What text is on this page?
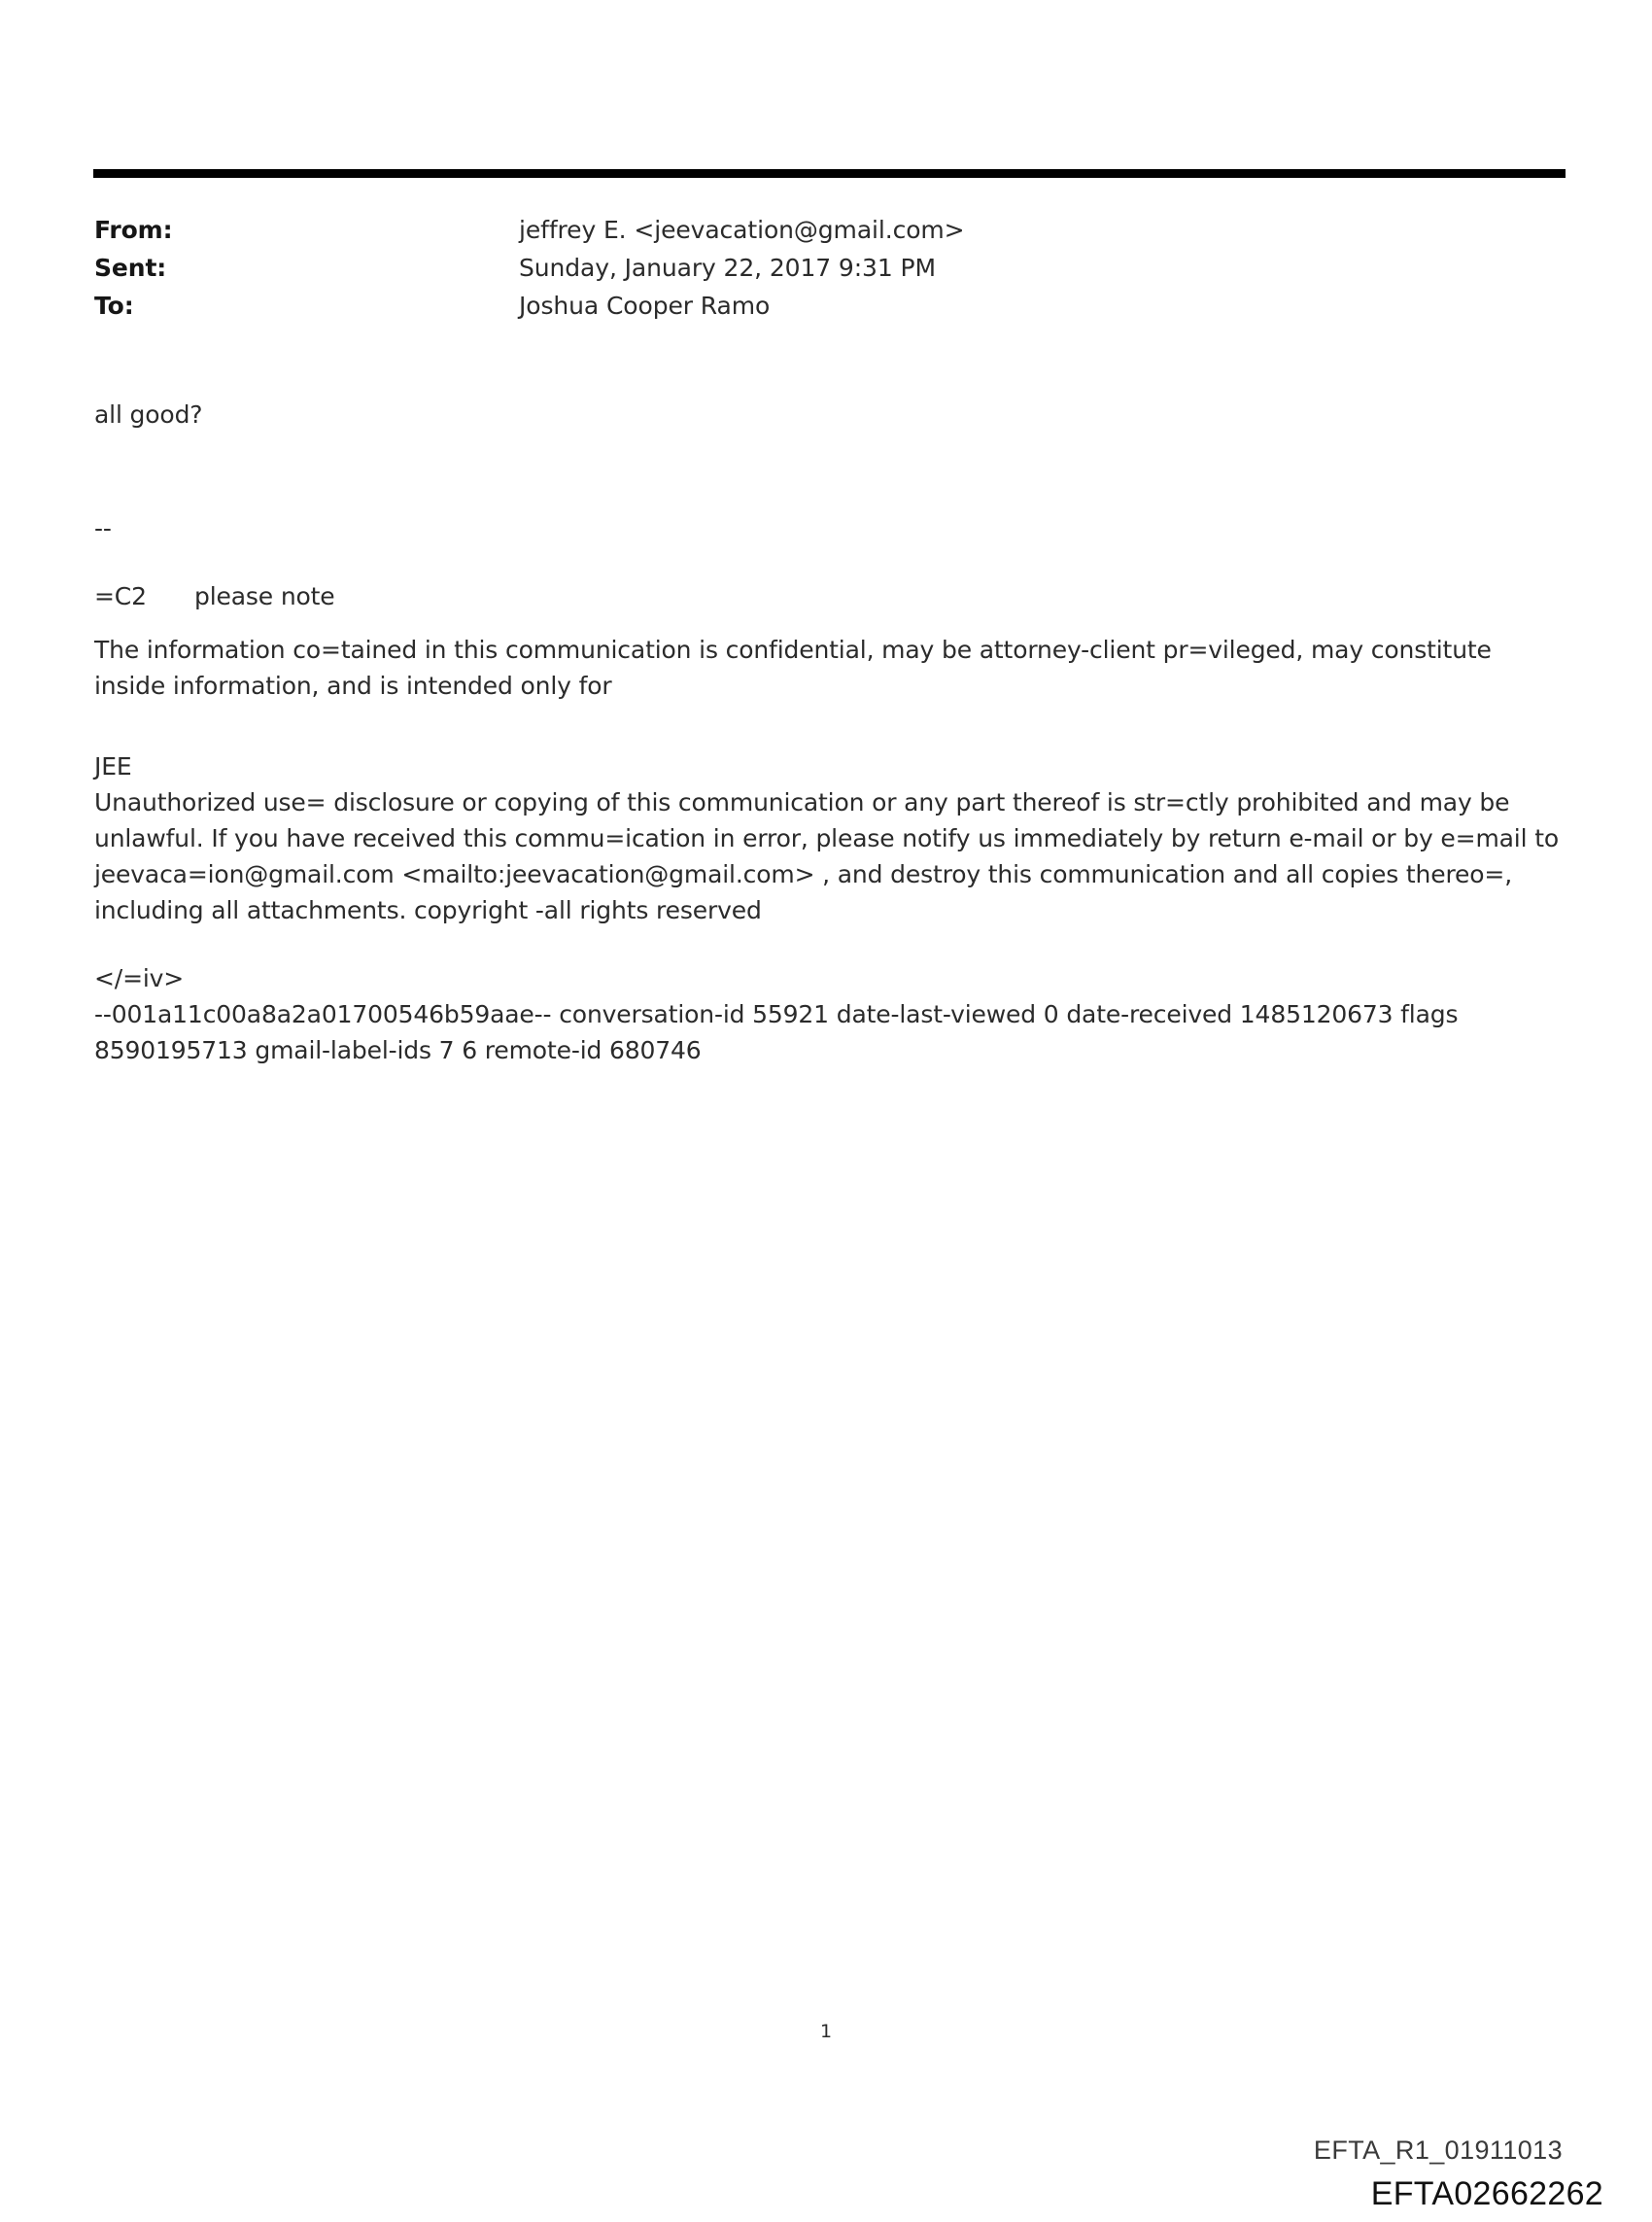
From:	jeffrey E. <jeevacation@gmail.com>
Sent:	Sunday, January 22, 2017 9:31 PM
To:	Joshua Cooper Ramo

all good?

--

=C2 please note

The information co=tained in this communication is confidential, may be attorney-client pr=vileged, may constitute

inside information, and is intended only for

JEE

Unauthorized use= disclosure or copying of this communication or any part thereof is str=ctly prohibited and may be

unlawful. If you have received this commu=ication in error, please notify us immediately by return e-mail or by e=mail to

jeevaca=ion@gmail.com <mailto:jeevacation@gmail.com> , and destroy this communication and all copies thereo=,

including all attachments. copyright -all rights reserved

</=iv>

--001a11c00a8a2a01700546b59aae-- conversation-id 55921 date-last-viewed 0 date-received 1485120673 flags

8590195713 gmail-label-ids 7 6 remote-id 680746

1
EFTA_R1_01911013
EFTA02662262
